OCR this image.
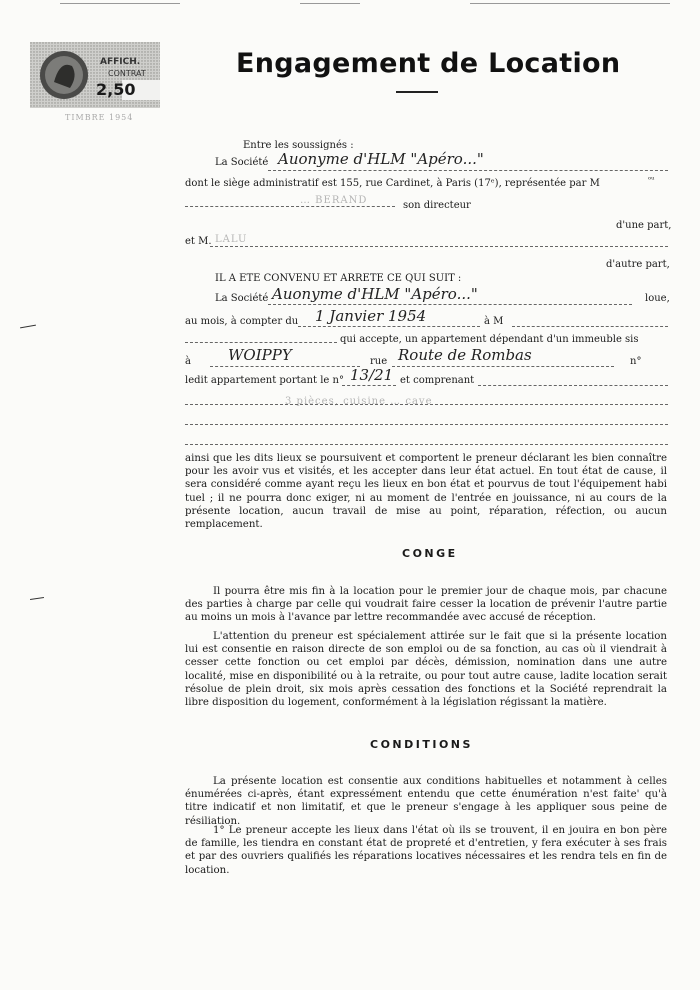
AFFICH.
CONTRAT
2,50
TIMBRE 1954
Engagement de Location
Entre les soussignés :
La Société Auonyme d'HLM "Apéro..."
dont le siège administratif est 155, rue Cardinet, à Paris (17ᵉ), représentée par M	ᵒᵘ
… BERAND	son directeur
d'une part,
et M. LALU
d'autre part,
IL A ETE CONVENU ET ARRETE CE QUI SUIT :
La Société Auonyme d'HLM "Apéro..."	loue,
au mois, à compter du 1 Janvier 1954	à M
qui accepte, un appartement dépendant d'un immeuble sis
à WOIPPY	rue Route de Rombas	n°
ledit appartement portant le n° 13/21 et comprenant
3 pièces, cuisine … cave
ainsi que les dits lieux se poursuivent et comportent le preneur déclarant les bien connaître pour les avoir vus et visités, et les accepter dans leur état actuel. En tout état de cause, il sera considéré comme ayant reçu les lieux en bon état et pourvus de tout l'équipement habi tuel ; il ne pourra donc exiger, ni au moment de l'entrée en jouissance, ni au cours de la présente location, aucun travail de mise au point, réparation, réfection, ou aucun remplacement.
CONGE
Il pourra être mis fin à la location pour le premier jour de chaque mois, par chacune des parties à charge par celle qui voudrait faire cesser la location de prévenir l'autre partie au moins un mois à l'avance par lettre recommandée avec accusé de réception.
L'attention du preneur est spécialement attirée sur le fait que si la présente location lui est consentie en raison directe de son emploi ou de sa fonction, au cas où il viendrait à cesser cette fonction ou cet emploi par décès, démission, nomination dans une autre localité, mise en disponibilité ou à la retraite, ou pour tout autre cause, ladite location serait résolue de plein droit, six mois après cessation des fonctions et la Société reprendrait la libre disposition du logement, conformément à la législation régissant la matière.
CONDITIONS
La présente location est consentie aux conditions habituelles et notamment à celles énumérées ci-après, étant expressément entendu que cette énumération n'est faite' qu'à titre indicatif et non limitatif, et que le preneur s'engage à les appliquer sous peine de résiliation.
1° Le preneur accepte les lieux dans l'état où ils se trouvent, il en jouira en bon père de famille, les tiendra en constant état de propreté et d'entretien, y fera exécuter à ses frais et par des ouvriers qualifiés les réparations locatives nécessaires et les rendra tels en fin de location.
